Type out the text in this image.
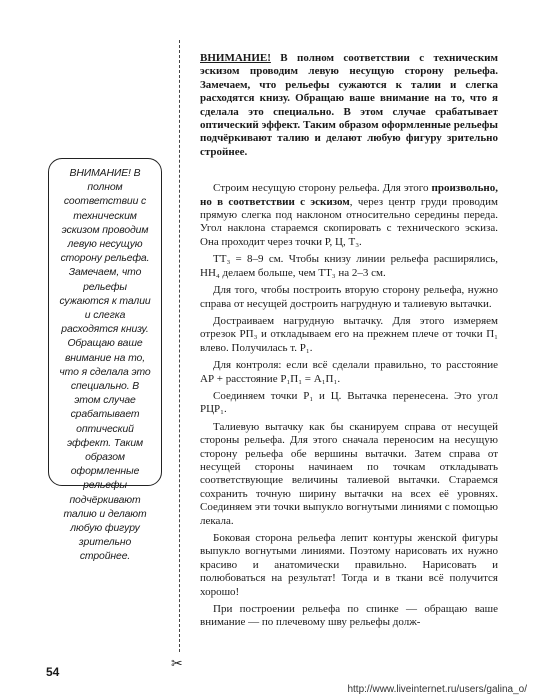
ВНИМАНИЕ! В полном соответствии с техническим эскизом проводим левую несущую сторону рельефа. Замечаем, что рельефы сужаются к талии и слегка расходятся книзу. Обращаю ваше внимание на то, что я сделала это специально. В этом случае срабатывает оптический эффект. Таким образом оформленные рельефы подчёркивают талию и делают любую фигуру зрительно стройнее.

✂

ВНИМАНИЕ! В полном соответствии с техническим эскизом проводим левую несущую сторону рельефа. Замечаем, что рельефы сужаются к талии и слегка расходятся книзу. Обращаю ваше внимание на то, что я сделала это специально. В этом случае срабатывает оптический эффект. Таким образом оформленные рельефы подчёркивают талию и делают любую фигуру зрительно стройнее.

Строим несущую сторону рельефа. Для этого произвольно, но в соответствии с эскизом, через центр груди проводим прямую слегка под наклоном относительно середины переда. Угол наклона стараемся скопировать с технического эскиза. Она проходит через точки Р, Ц, Т₃.

ТТ₃ = 8–9 см. Чтобы книзу линии рельефа расширялись, НН₄ делаем больше, чем ТТ₃ на 2–3 см.

Для того, чтобы построить вторую сторону рельефа, нужно справа от несущей достроить нагрудную и талиевую вытачки.

Достраиваем нагрудную вытачку. Для этого измеряем отрезок РП₃ и откладываем его на прежнем плече от точки П₁ влево. Получилась т. Р₁.

Для контроля: если всё сделали правильно, то расстояние АР + расстояние Р₁П₁ = А₁П₁.

Соединяем точки Р₁ и Ц. Вытачка перенесена. Это угол РЦР₁.

Талиевую вытачку как бы сканируем справа от несущей стороны рельефа. Для этого сначала переносим на несущую сторону рельефа обе вершины вытачки. Затем справа от несущей стороны начинаем по точкам откладывать соответствующие величины талиевой вытачки. Стараемся сохранить точную ширину вытачки на всех её уровнях. Соединяем эти точки выпукло вогнутыми линиями с помощью лекала.

Боковая сторона рельефа лепит контуры женской фигуры выпукло вогнутыми линиями. Поэтому нарисовать их нужно красиво и анатомически правильно. Нарисовать и полюбоваться на результат! Тогда и в ткани всё получится хорошо!

При построении рельефа по спинке — обращаю ваше внимание — по плечевому шву рельефы долж-

54
http://www.liveinternet.ru/users/galina_o/
